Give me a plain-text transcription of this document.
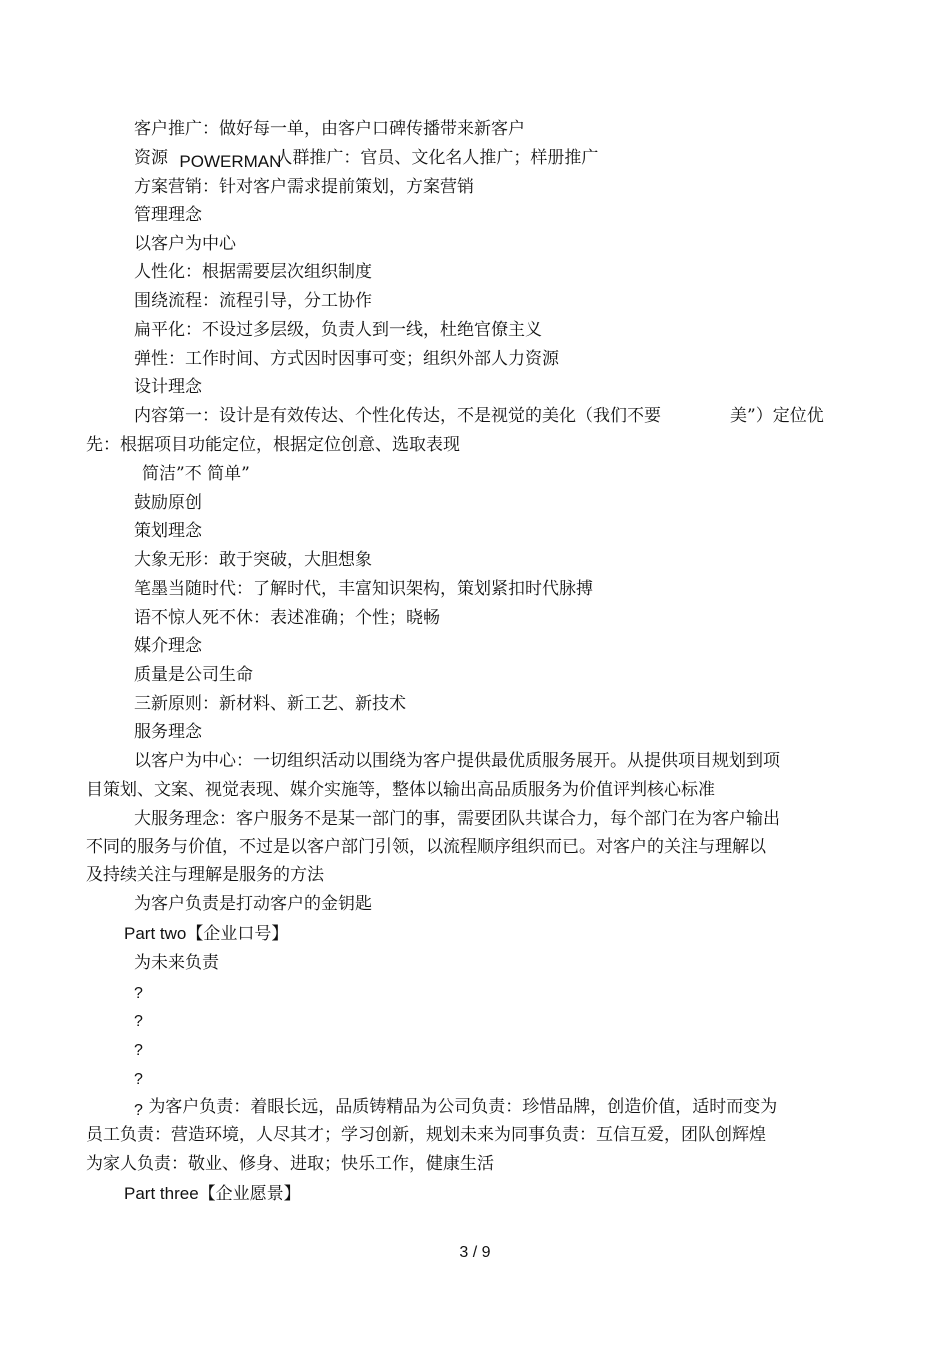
客户推广：做好每一单，由客户口碑传播带来新客户
资源 POWERMAN人群推广：官员、文化名人推广；样册推广
方案营销：针对客户需求提前策划，方案营销
管理理念
以客户为中心
人性化：根据需要层次组织制度
围绕流程：流程引导，分工协作
扁平化：不设过多层级，负责人到一线，杜绝官僚主义
弹性：工作时间、方式因时因事可变；组织外部人力资源
设计理念
内容第一：设计是有效传达、个性化传达，不是视觉的美化（我们不要	美”）定位优
先：根据项目功能定位，根据定位创意、选取表现
简洁”不 简单”
鼓励原创
策划理念
大象无形：敢于突破，大胆想象
笔墨当随时代：了解时代，丰富知识架构，策划紧扣时代脉搏
语不惊人死不休：表述准确；个性；晓畅
媒介理念
质量是公司生命
三新原则：新材料、新工艺、新技术
服务理念
以客户为中心：一切组织活动以围绕为客户提供最优质服务展开。从提供项目规划到项
目策划、文案、视觉表现、媒介实施等，整体以输出高品质服务为价值评判核心标准
大服务理念：客户服务不是某一部门的事，需要团队共谋合力，每个部门在为客户输出
不同的服务与价值，不过是以客户部门引领，以流程顺序组织而已。对客户的关注与理解以
及持续关注与理解是服务的方法
为客户负责是打动客户的金钥匙
Part two【企业口号】
为未来负责
?
?
?
?
? 为客户负责：着眼长远，品质铸精品为公司负责：珍惜品牌，创造价值，适时而变为
员工负责：营造环境，人尽其才；学习创新，规划未来为同事负责：互信互爱，团队创辉煌
为家人负责：敬业、修身、进取；快乐工作，健康生活
Part three【企业愿景】
3 / 9
